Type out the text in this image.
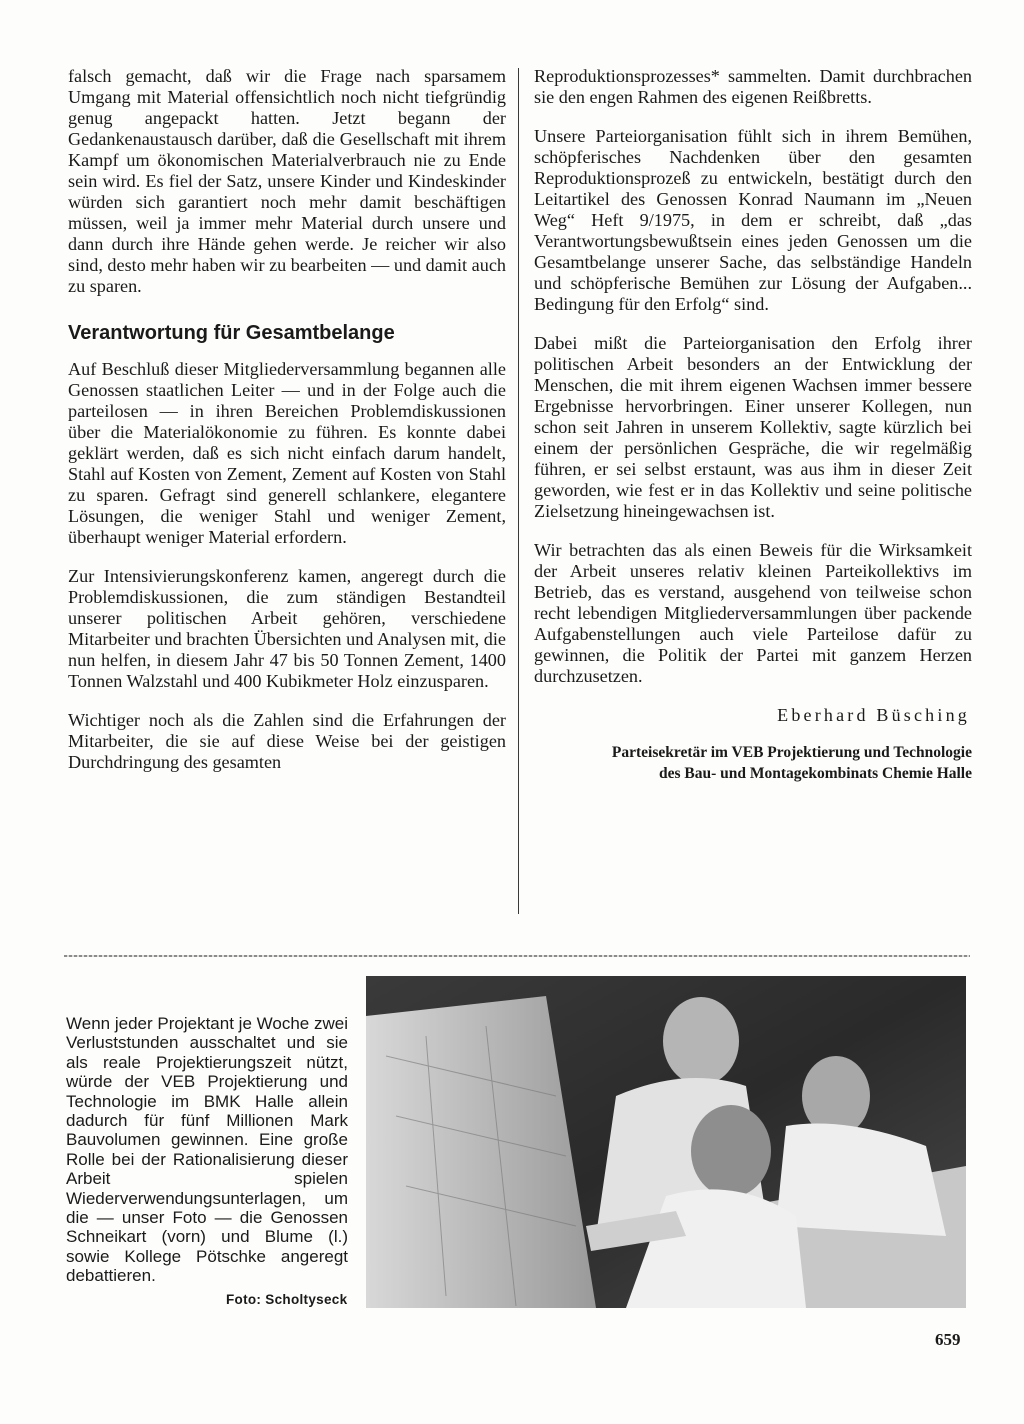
falsch gemacht, daß wir die Frage nach sparsamem Umgang mit Material offensichtlich noch nicht tiefgründig genug angepackt hatten. Jetzt begann der Gedankenaustausch darüber, daß die Gesellschaft mit ihrem Kampf um ökonomischen Materialverbrauch nie zu Ende sein wird. Es fiel der Satz, unsere Kinder und Kindeskinder würden sich garantiert noch mehr damit beschäftigen müssen, weil ja immer mehr Material durch unsere und dann durch ihre Hände gehen werde. Je reicher wir also sind, desto mehr haben wir zu bearbeiten — und damit auch zu sparen.

Verantwortung für Gesamtbelange

Auf Beschluß dieser Mitgliederversammlung begannen alle Genossen staatlichen Leiter — und in der Folge auch die parteilosen — in ihren Bereichen Problemdiskussionen über die Materialökonomie zu führen. Es konnte dabei geklärt werden, daß es sich nicht einfach darum handelt, Stahl auf Kosten von Zement, Zement auf Kosten von Stahl zu sparen. Gefragt sind generell schlankere, elegantere Lösungen, die weniger Stahl und weniger Zement, überhaupt weniger Material erfordern.

Zur Intensivierungskonferenz kamen, angeregt durch die Problemdiskussionen, die zum ständigen Bestandteil unserer politischen Arbeit gehören, verschiedene Mitarbeiter und brachten Übersichten und Analysen mit, die nun helfen, in diesem Jahr 47 bis 50 Tonnen Zement, 1400 Tonnen Walzstahl und 400 Kubikmeter Holz einzusparen.

Wichtiger noch als die Zahlen sind die Erfahrungen der Mitarbeiter, die sie auf diese Weise bei der geistigen Durchdringung des gesamten

Reproduktionsprozesses* sammelten. Damit durchbrachen sie den engen Rahmen des eigenen Reißbretts.

Unsere Parteiorganisation fühlt sich in ihrem Bemühen, schöpferisches Nachdenken über den gesamten Reproduktionsprozeß zu entwickeln, bestätigt durch den Leitartikel des Genossen Konrad Naumann im „Neuen Weg“ Heft 9/1975, in dem er schreibt, daß „das Verantwortungsbewußtsein eines jeden Genossen um die Gesamtbelange unserer Sache, das selbständige Handeln und schöpferische Bemühen zur Lösung der Aufgaben... Bedingung für den Erfolg“ sind.

Dabei mißt die Parteiorganisation den Erfolg ihrer politischen Arbeit besonders an der Entwicklung der Menschen, die mit ihrem eigenen Wachsen immer bessere Ergebnisse hervorbringen. Einer unserer Kollegen, nun schon seit Jahren in unserem Kollektiv, sagte kürzlich bei einem der persönlichen Gespräche, die wir regelmäßig führen, er sei selbst erstaunt, was aus ihm in dieser Zeit geworden, wie fest er in das Kollektiv und seine politische Zielsetzung hineingewachsen ist.

Wir betrachten das als einen Beweis für die Wirksamkeit der Arbeit unseres relativ kleinen Parteikollektivs im Betrieb, das es verstand, ausgehend von teilweise schon recht lebendigen Mitgliederversammlungen über packende Aufgabenstellungen auch viele Parteilose dafür zu gewinnen, die Politik der Partei mit ganzem Herzen durchzusetzen.

Eberhard Büsching
Parteisekretär im VEB Projektierung und Technologie
des Bau- und Montagekombinats Chemie Halle
Wenn jeder Projektant je Woche zwei Verluststunden ausschaltet und sie als reale Projektierungszeit nützt, würde der VEB Projektierung und Technologie im BMK Halle allein dadurch für fünf Millionen Mark Bauvolumen gewinnen. Eine große Rolle bei der Rationalisierung dieser Arbeit spielen Wiederverwendungsunterlagen, um die — unser Foto — die Genossen Schneikart (vorn) und Blume (l.) sowie Kollege Pötschke angeregt debattieren.
Foto: Scholtyseck
659
